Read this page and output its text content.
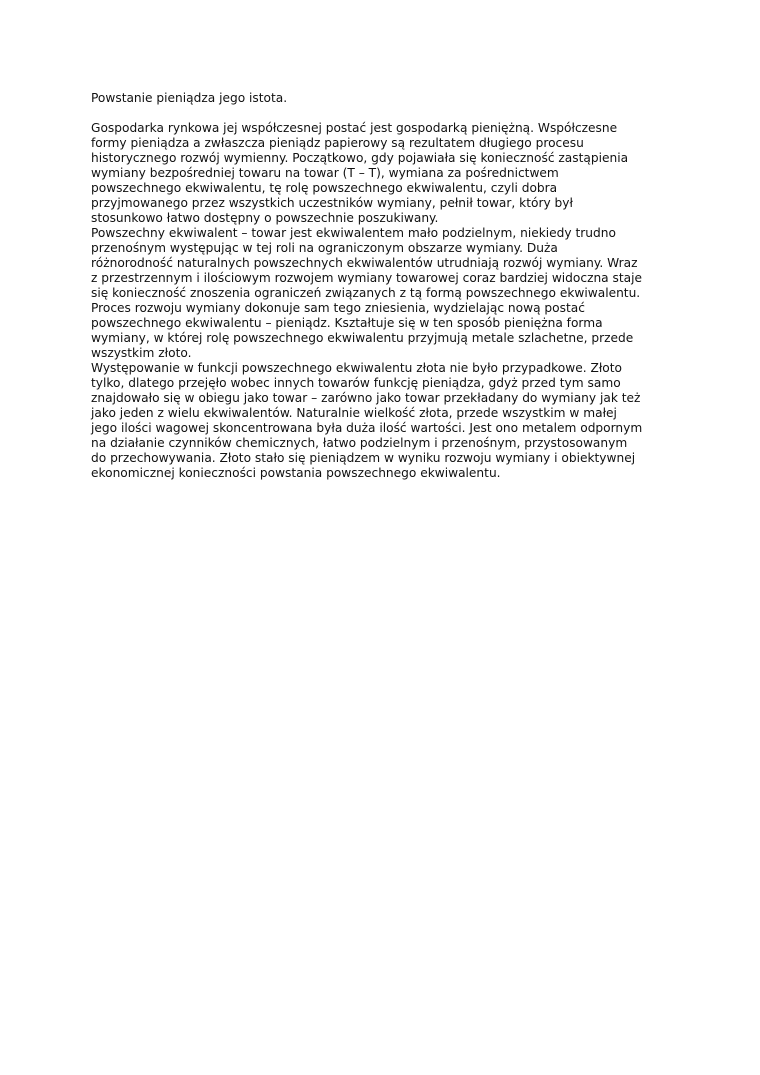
Powstanie pieniądza jego istota.

Gospodarka rynkowa jej współczesnej postać jest gospodarką pieniężną. Współczesne
formy pieniądza a zwłaszcza pieniądz papierowy są rezultatem długiego procesu
historycznego rozwój wymienny. Początkowo, gdy pojawiała się konieczność zastąpienia
wymiany bezpośredniej towaru na towar (T – T), wymiana za pośrednictwem
powszechnego ekwiwalentu, tę rolę powszechnego ekwiwalentu, czyli dobra
przyjmowanego przez wszystkich uczestników wymiany, pełnił towar, który był
stosunkowo łatwo dostępny o powszechnie poszukiwany.

Powszechny ekwiwalent – towar jest ekwiwalentem mało podzielnym, niekiedy trudno
przenośnym występując w tej roli na ograniczonym obszarze wymiany. Duża
różnorodność naturalnych powszechnych ekwiwalentów utrudniają rozwój wymiany. Wraz
z przestrzennym i ilościowym rozwojem wymiany towarowej coraz bardziej widoczna staje
się konieczność znoszenia ograniczeń związanych z tą formą powszechnego ekwiwalentu.
Proces rozwoju wymiany dokonuje sam tego zniesienia, wydzielając nową postać
powszechnego ekwiwalentu – pieniądz. Kształtuje się w ten sposób pieniężna forma
wymiany, w której rolę powszechnego ekwiwalentu przyjmują metale szlachetne, przede
wszystkim złoto.

Występowanie w funkcji powszechnego ekwiwalentu złota nie było przypadkowe. Złoto
tylko, dlatego przejęło wobec innych towarów funkcję pieniądza, gdyż przed tym samo
znajdowało się w obiegu jako towar – zarówno jako towar przekładany do wymiany jak też
jako jeden z wielu ekwiwalentów. Naturalnie wielkość złota, przede wszystkim w małej
jego ilości wagowej skoncentrowana była duża ilość wartości. Jest ono metalem odpornym
na działanie czynników chemicznych, łatwo podzielnym i przenośnym, przystosowanym
do przechowywania. Złoto stało się pieniądzem w wyniku rozwoju wymiany i obiektywnej
ekonomicznej konieczności powstania powszechnego ekwiwalentu.
